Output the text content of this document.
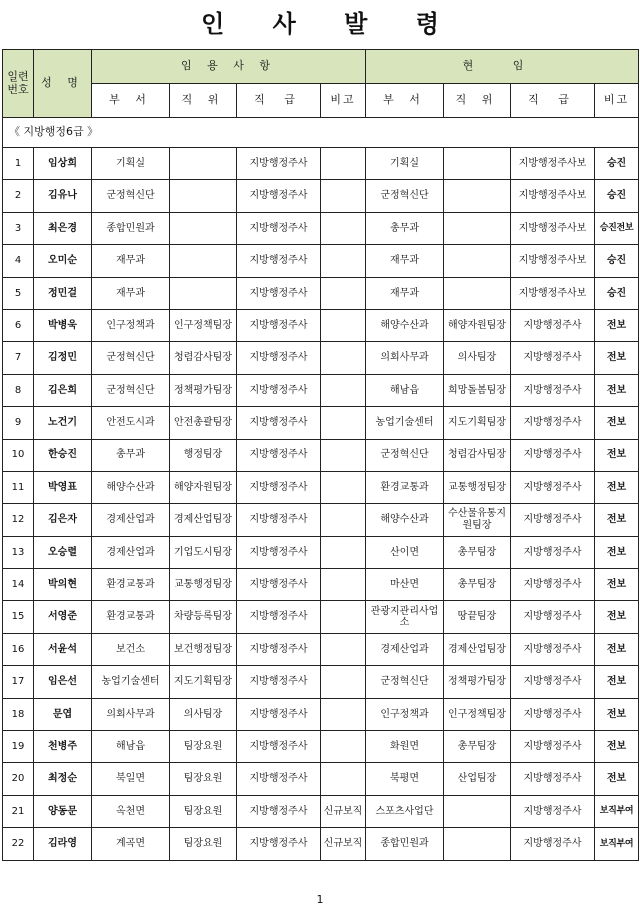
인 사 발 령
일련번호	성 명	임 용 사 항				현 임			
		부 서	직 위	직 급	비고	부 서	직 위	직 급	비고
《 지방행정6급 》									
1	임상희	기획실		지방행정주사		기획실		지방행정주사보	승진
2	김유나	군정혁신단		지방행정주사		군정혁신단		지방행정주사보	승진
3	최은경	종합민원과		지방행정주사		총무과		지방행정주사보	승진전보
4	오미순	재무과		지방행정주사		재무과		지방행정주사보	승진
5	정민걸	재무과		지방행정주사		재무과		지방행정주사보	승진
6	박병욱	인구정책과	인구정책팀장	지방행정주사		해양수산과	해양자원팀장	지방행정주사	전보
7	김정민	군정혁신단	청렴감사팀장	지방행정주사		의회사무과	의사팀장	지방행정주사	전보
8	김은희	군정혁신단	정책평가팀장	지방행정주사		해남읍	희망돌봄팀장	지방행정주사	전보
9	노건기	안전도시과	안전총괄팀장	지방행정주사		농업기술센터	지도기획팀장	지방행정주사	전보
10	한승진	총무과	행정팀장	지방행정주사		군정혁신단	청렴감사팀장	지방행정주사	전보
11	박영표	해양수산과	해양자원팀장	지방행정주사		환경교통과	교통행정팀장	지방행정주사	전보
12	김은자	경제산업과	경제산업팀장	지방행정주사		해양수산과	수산물유통지원팀장	지방행정주사	전보
13	오승렬	경제산업과	기업도시팀장	지방행정주사		산이면	총무팀장	지방행정주사	전보
14	박의현	환경교통과	교통행정팀장	지방행정주사		마산면	총무팀장	지방행정주사	전보
15	서영준	환경교통과	차량등록팀장	지방행정주사		관광지관리사업소	땅끝팀장	지방행정주사	전보
16	서윤석	보건소	보건행정팀장	지방행정주사		경제산업과	경제산업팀장	지방행정주사	전보
17	임은선	농업기술센터	지도기획팀장	지방행정주사		군정혁신단	정책평가팀장	지방행정주사	전보
18	문엽	의회사무과	의사팀장	지방행정주사		인구정책과	인구정책팀장	지방행정주사	전보
19	천병주	해남읍	팀장요원	지방행정주사		화원면	총무팀장	지방행정주사	전보
20	최정순	북일면	팀장요원	지방행정주사		북평면	산업팀장	지방행정주사	전보
21	양동문	옥천면	팀장요원	지방행정주사	신규보직	스포츠사업단		지방행정주사	보직부여
22	김라영	계곡면	팀장요원	지방행정주사	신규보직	종합민원과		지방행정주사	보직부여
1
